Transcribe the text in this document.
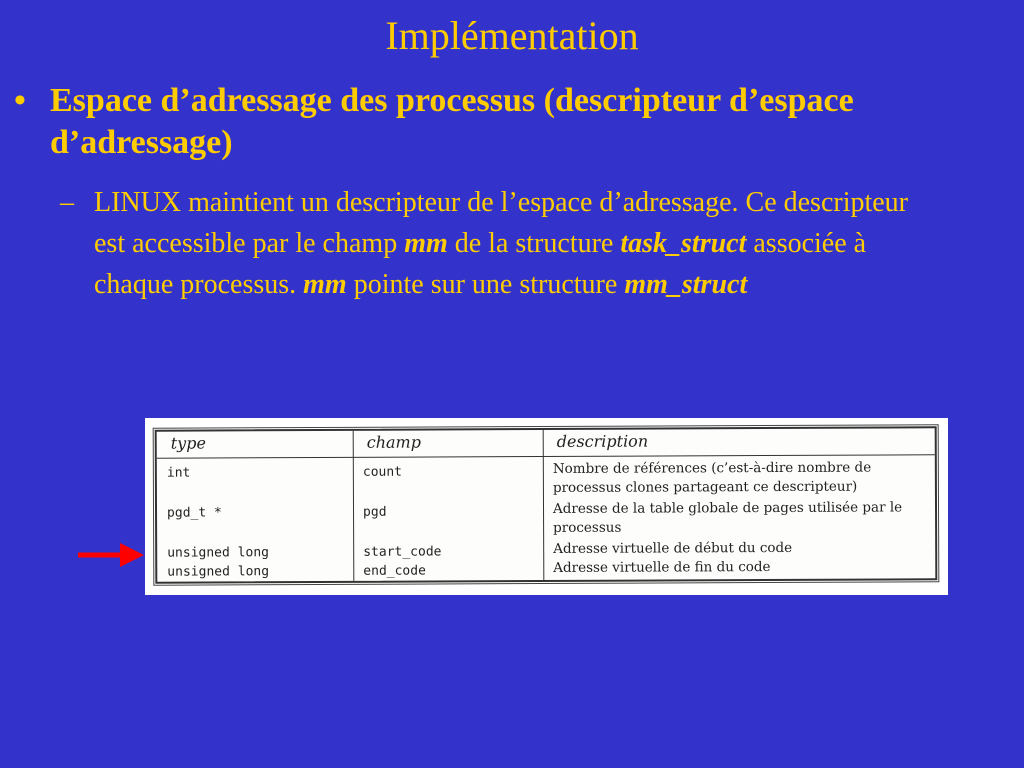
Implémentation
• Espace d’adressage des processus (descripteur d’espace d’adressage)
– LINUX maintient un descripteur de l’espace d’adressage. Ce descripteur est accessible par le champ mm de la structure task_struct associée à chaque processus. mm pointe sur une structure mm_struct
type
int
pgd_t *
unsigned long
unsigned long
champ
count
pgd
start_code
end_code
description
Nombre de références (c’est-à-dire nombre de processus clones partageant ce descripteur)
Adresse de la table globale de pages utilisée par le processus
Adresse virtuelle de début du code
Adresse virtuelle de fin du code
